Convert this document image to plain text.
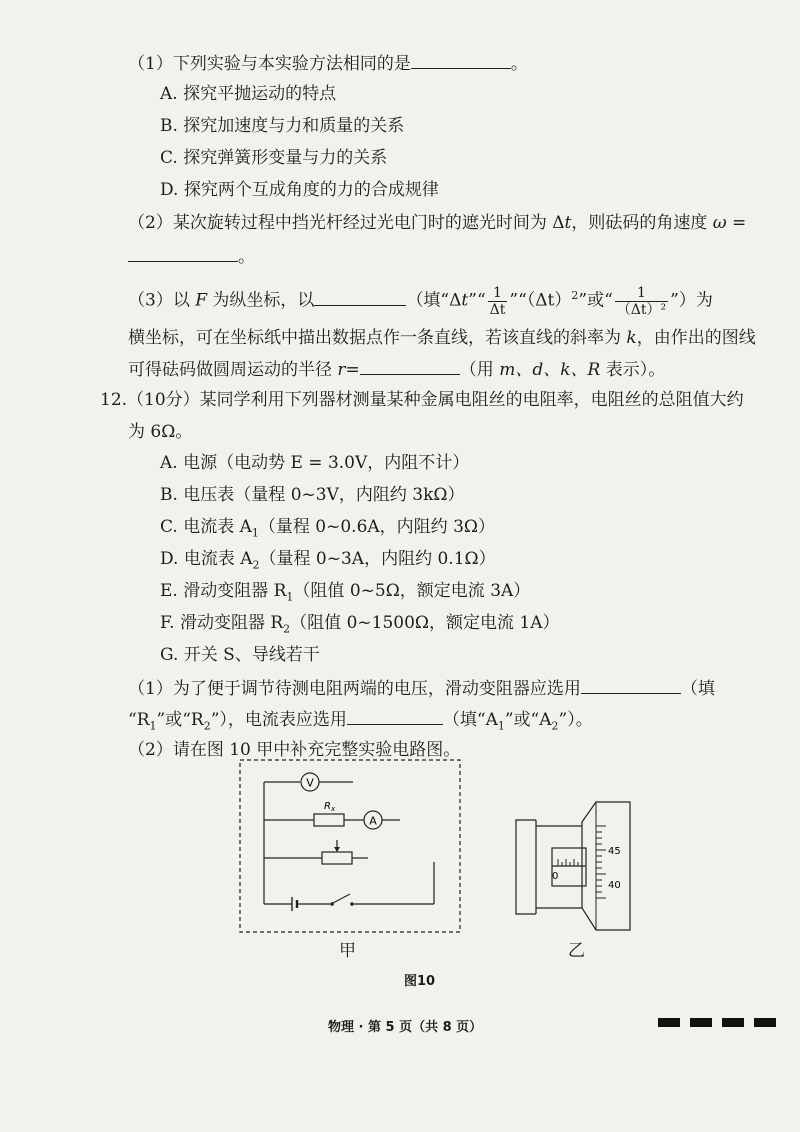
（1）下列实验与本实验方法相同的是	。
A. 探究平抛运动的特点
B. 探究加速度与力和质量的关系
C. 探究弹簧形变量与力的关系
D. 探究两个互成角度的力的合成规律
（2）某次旋转过程中挡光杆经过光电门时的遮光时间为 Δt，则砝码的角速度 ω =
。
（3）以 F 为纵坐标，以	（填“Δt”“ $\frac{1}{\Delta t}$ $”“(\Delta t)^2$”或“ $\frac{1}{\text{（Δt）²}}$ ”）为
横坐标，可在坐标纸中描出数据点作一条直线，若该直线的斜率为 k，由作出的图线
可得砝码做圆周运动的半径 r=	（用 m、d、k、R 表示）。
12.（10分）某同学利用下列器材测量某种金属电阻丝的电阻率，电阻丝的总阻值大约
为 6Ω。
A. 电源（电动势 E = 3.0V，内阻不计）
B. 电压表（量程 0~3V，内阻约 3kΩ）
C. 电流表 $A_1$（量程 0~0.6A，内阻约 3Ω）
D. 电流表 $A_2$（量程 0~3A，内阻约 0.1Ω）
E. 滑动变阻器 $R_1$（阻值 0~5Ω，额定电流 3A）
F. 滑动变阻器 $R_2$（阻值 0~1500Ω，额定电流 1A）
G. 开关 S、导线若干
（1）为了便于调节待测电阻两端的电压，滑动变阻器应选用	（填
“$R_1$”或“$R_2$”），电流表应选用	（填“$A_1$”或“$A_2$”）。
（2）请在图 10 甲中补充完整实验电路图。
V
$R_x$
A
甲
0
45
40
乙
图10
物理 · 第 5 页（共 8 页）
